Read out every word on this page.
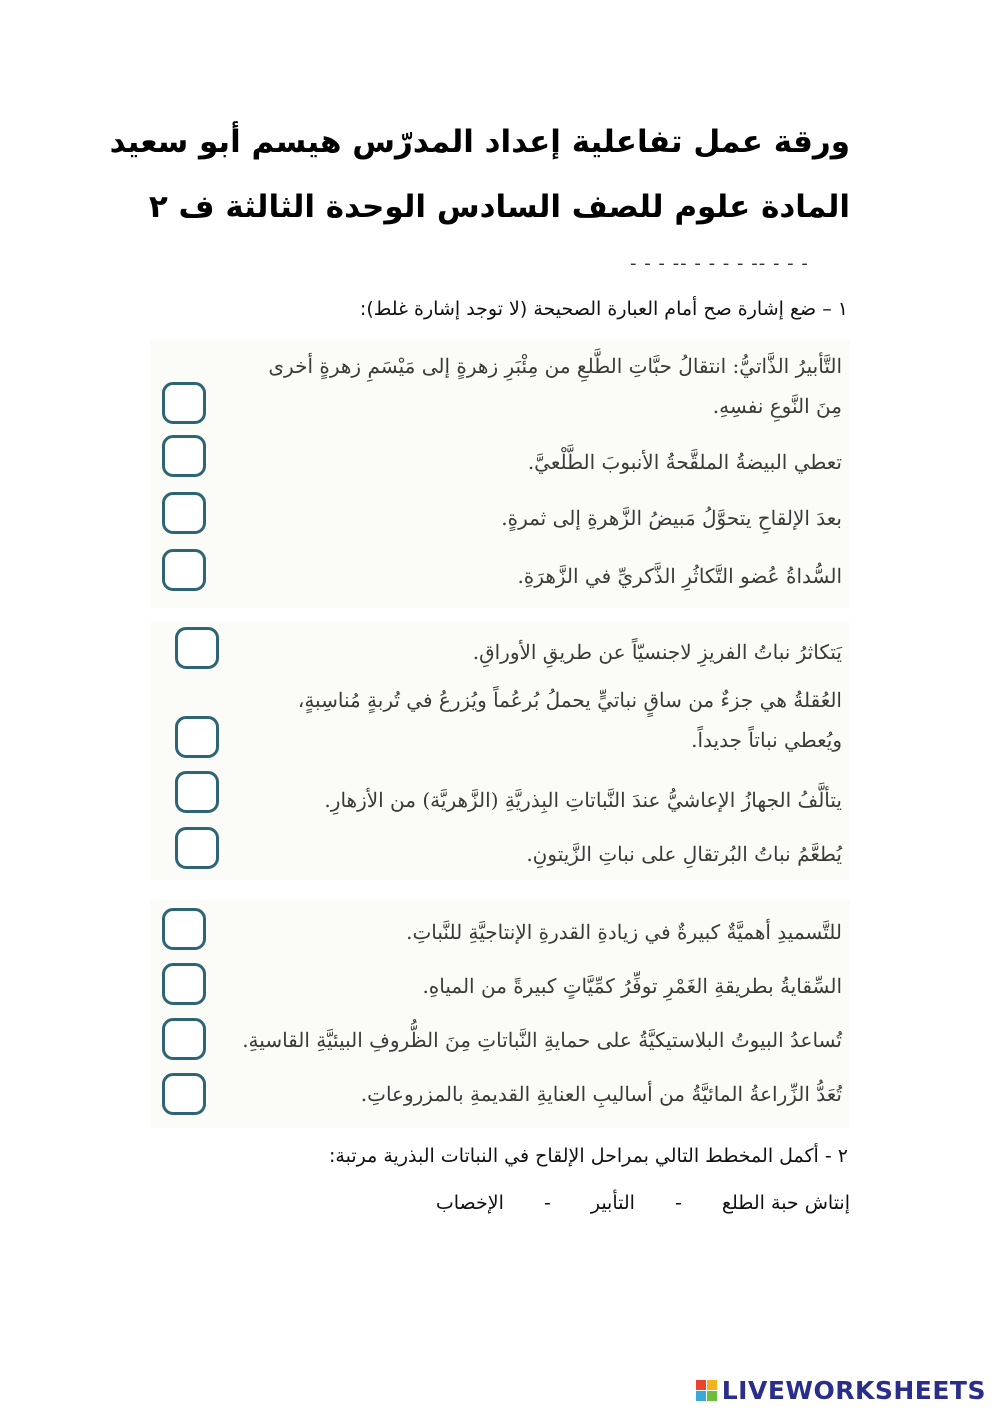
ورقة عمل تفاعلية إعداد المدرّس هيسم أبو سعيد
المادة علوم للصف السادس الوحدة الثالثة ف ٢
- - - -- - - - - -- - - -
١ – ضع إشارة صح أمام العبارة الصحيحة (لا توجد إشارة غلط):
التَّأبيرُ الذَّاتيُّ: انتقالُ حبَّاتِ الطَّلعِ من مِئْبَرِ زهرةٍ إلى مَيْسَمِ زهرةٍ أخرى مِنَ النَّوعِ نفسِهِ.
تعطي البيضةُ الملقَّحةُ الأنبوبَ الطَّلْعيَّ.
بعدَ الإلقاحِ يتحوَّلُ مَبيضُ الزَّهرةِ إلى ثمرةٍ.
السُّداةُ عُضو التَّكاثُرِ الذَّكريِّ في الزَّهرَةِ.
يَتكاثرُ نباتُ الفريزِ لاجنسيّاً عن طريقِ الأوراقِ.
العُقلةُ هي جزءٌ من ساقٍ نباتيٍّ يحملُ بُرعُماً ويُزرعُ في تُربةٍ مُناسِبةٍ، ويُعطي نباتاً جديداً.
يتألَّفُ الجهازُ الإعاشيُّ عندَ النَّباتاتِ البِذريَّةِ (الزَّهريَّة) من الأزهارِ.
يُطعَّمُ نباتُ البُرتقالِ على نباتِ الزَّيتونِ.
للتَّسميدِ أهميَّةٌ كبيرةٌ في زيادةِ القدرةِ الإنتاجيَّةِ للنَّباتِ.
السِّقايةُ بطريقةِ الغَمْرِ توفِّرُ كمِّيَّاتٍ كبيرةً من المياهِ.
تُساعدُ البيوتُ البلاستيكيَّةُ على حمايةِ النَّباتاتِ مِنَ الظُّروفِ البيئيَّةِ القاسيةِ.
تُعَدُّ الزِّراعةُ المائيَّةُ من أساليبِ العنايةِ القديمةِ بالمزروعاتِ.
٢ - أكمل المخطط التالي بمراحل الإلقاح في النباتات البذرية مرتبة:
الإخصاب - التأبير - إنتاش حبة الطلع
LIVEWORKSHEETS
